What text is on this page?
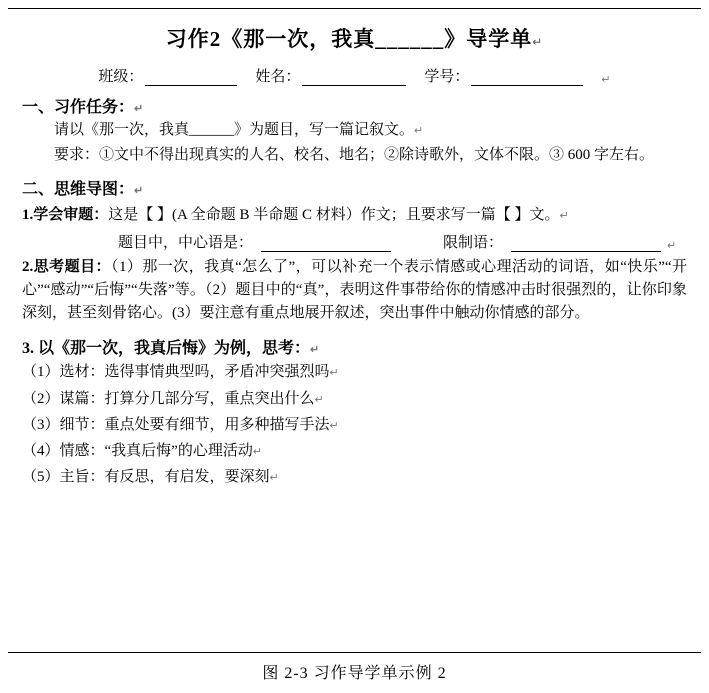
习作2《那一次，我真______》导学单↵
班级：	姓名：	学号：	↵
一、习作任务：↵
请以《那一次，我真______》为题目，写一篇记叙文。↵
要求：①文中不得出现真实的人名、校名、地名；②除诗歌外，文体不限。③ 600 字左右。
二、思维导图：↵
1.学会审题：这是【 】(A 全命题 B 半命题 C 材料）作文；且要求写一篇【 】文。↵
题目中，中心语是：	限制语：	↵
2.思考题目：（1）那一次，我真“怎么了”，可以补充一个表示情感或心理活动的词语，如“快乐”“开心”“感动”“后悔”“失落”等。（2）题目中的“真”，表明这件事带给你的情感冲击时很强烈的，让你印象深刻，甚至刻骨铭心。(3）要注意有重点地展开叙述，突出事件中触动你情感的部分。
3. 以《那一次，我真后悔》为例，思考：↵
（1）选材：选得事情典型吗，矛盾冲突强烈吗↵
（2）谋篇：打算分几部分写，重点突出什么↵
（3）细节：重点处要有细节，用多种描写手法↵
（4）情感：“我真后悔”的心理活动↵
（5）主旨：有反思，有启发，要深刻↵
图 2-3 习作导学单示例 2
